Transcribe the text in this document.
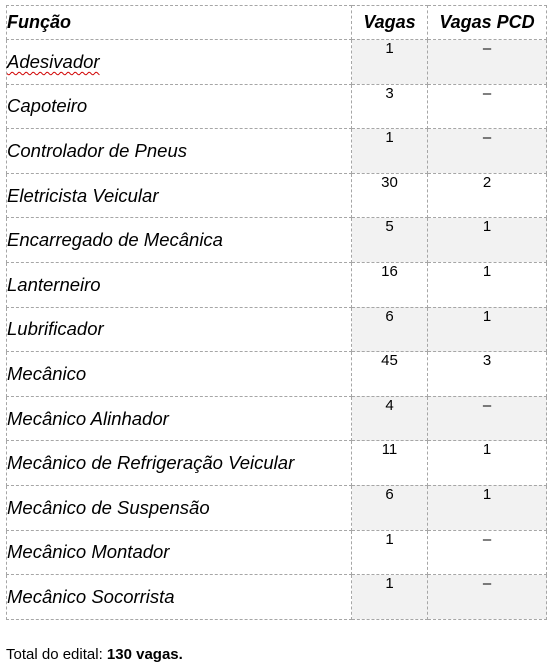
Função	Vagas	Vagas PCD
Adesivador	1	–
Capoteiro	3	–
Controlador de Pneus	1	–
Eletricista Veicular	30	2
Encarregado de Mecânica	5	1
Lanterneiro	16	1
Lubrificador	6	1
Mecânico	45	3
Mecânico Alinhador	4	–
Mecânico de Refrigeração Veicular	11	1
Mecânico de Suspensão	6	1
Mecânico Montador	1	–
Mecânico Socorrista	1	–
Total do edital: 130 vagas.
